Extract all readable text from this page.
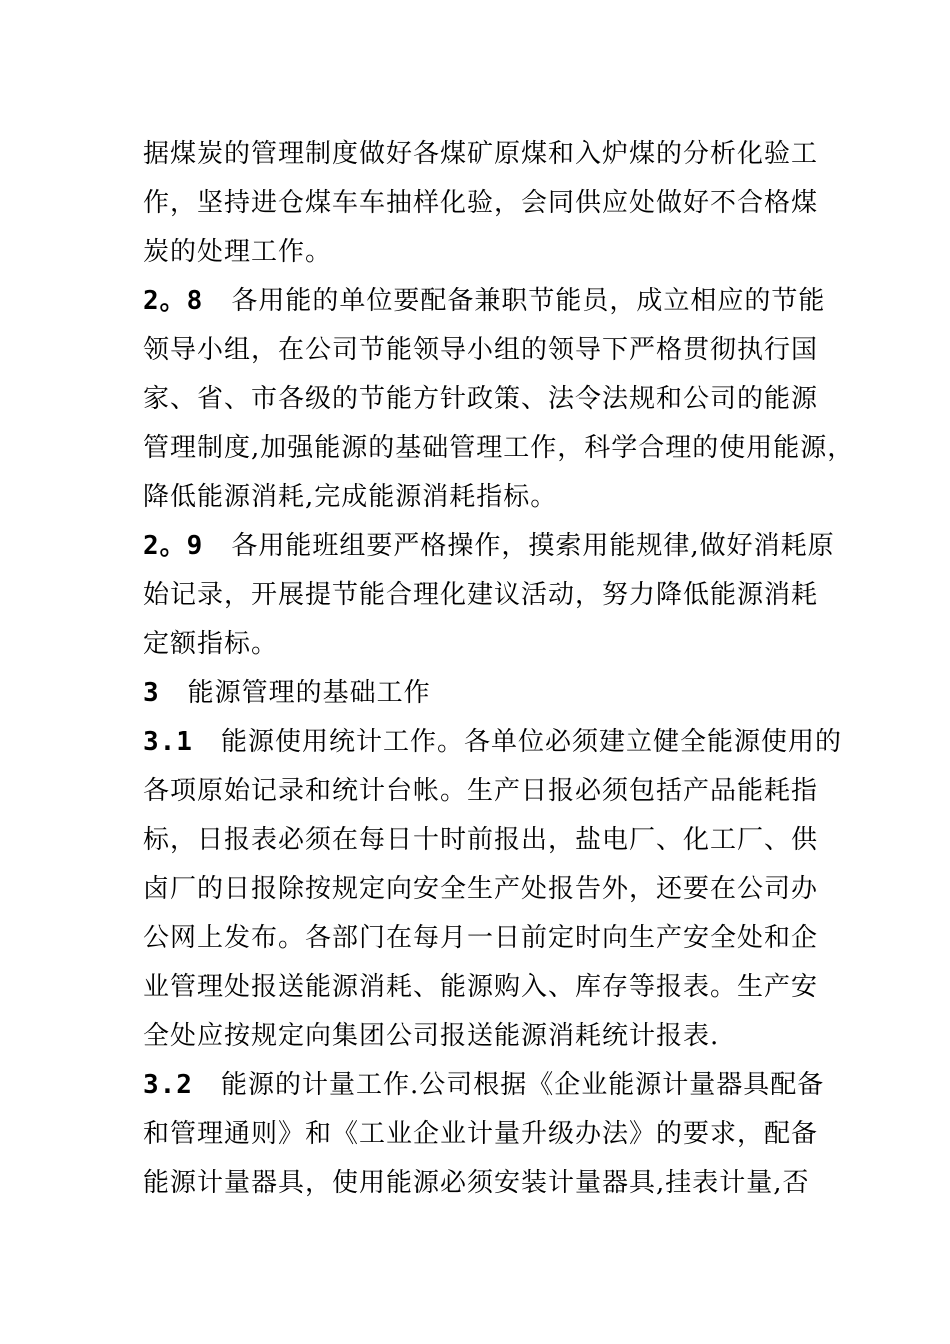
据煤炭的管理制度做好各煤矿原煤和入炉煤的分析化验工
作，坚持进仓煤车车抽样化验，会同供应处做好不合格煤
炭的处理工作。
2。8 各用能的单位要配备兼职节能员，成立相应的节能
领导小组，在公司节能领导小组的领导下严格贯彻执行国
家、省、市各级的节能方针政策、法令法规和公司的能源
管理制度,加强能源的基础管理工作，科学合理的使用能源，
降低能源消耗,完成能源消耗指标。
2。9 各用能班组要严格操作，摸索用能规律,做好消耗原
始记录，开展提节能合理化建议活动，努力降低能源消耗
定额指标。
3 能源管理的基础工作
3.1 能源使用统计工作。各单位必须建立健全能源使用的
各项原始记录和统计台帐。生产日报必须包括产品能耗指
标，日报表必须在每日十时前报出，盐电厂、化工厂、供
卤厂的日报除按规定向安全生产处报告外，还要在公司办
公网上发布。各部门在每月一日前定时向生产安全处和企
业管理处报送能源消耗、能源购入、库存等报表。生产安
全处应按规定向集团公司报送能源消耗统计报表.
3.2 能源的计量工作.公司根据《企业能源计量器具配备
和管理通则》和《工业企业计量升级办法》的要求，配备
能源计量器具，使用能源必须安装计量器具,挂表计量,否
